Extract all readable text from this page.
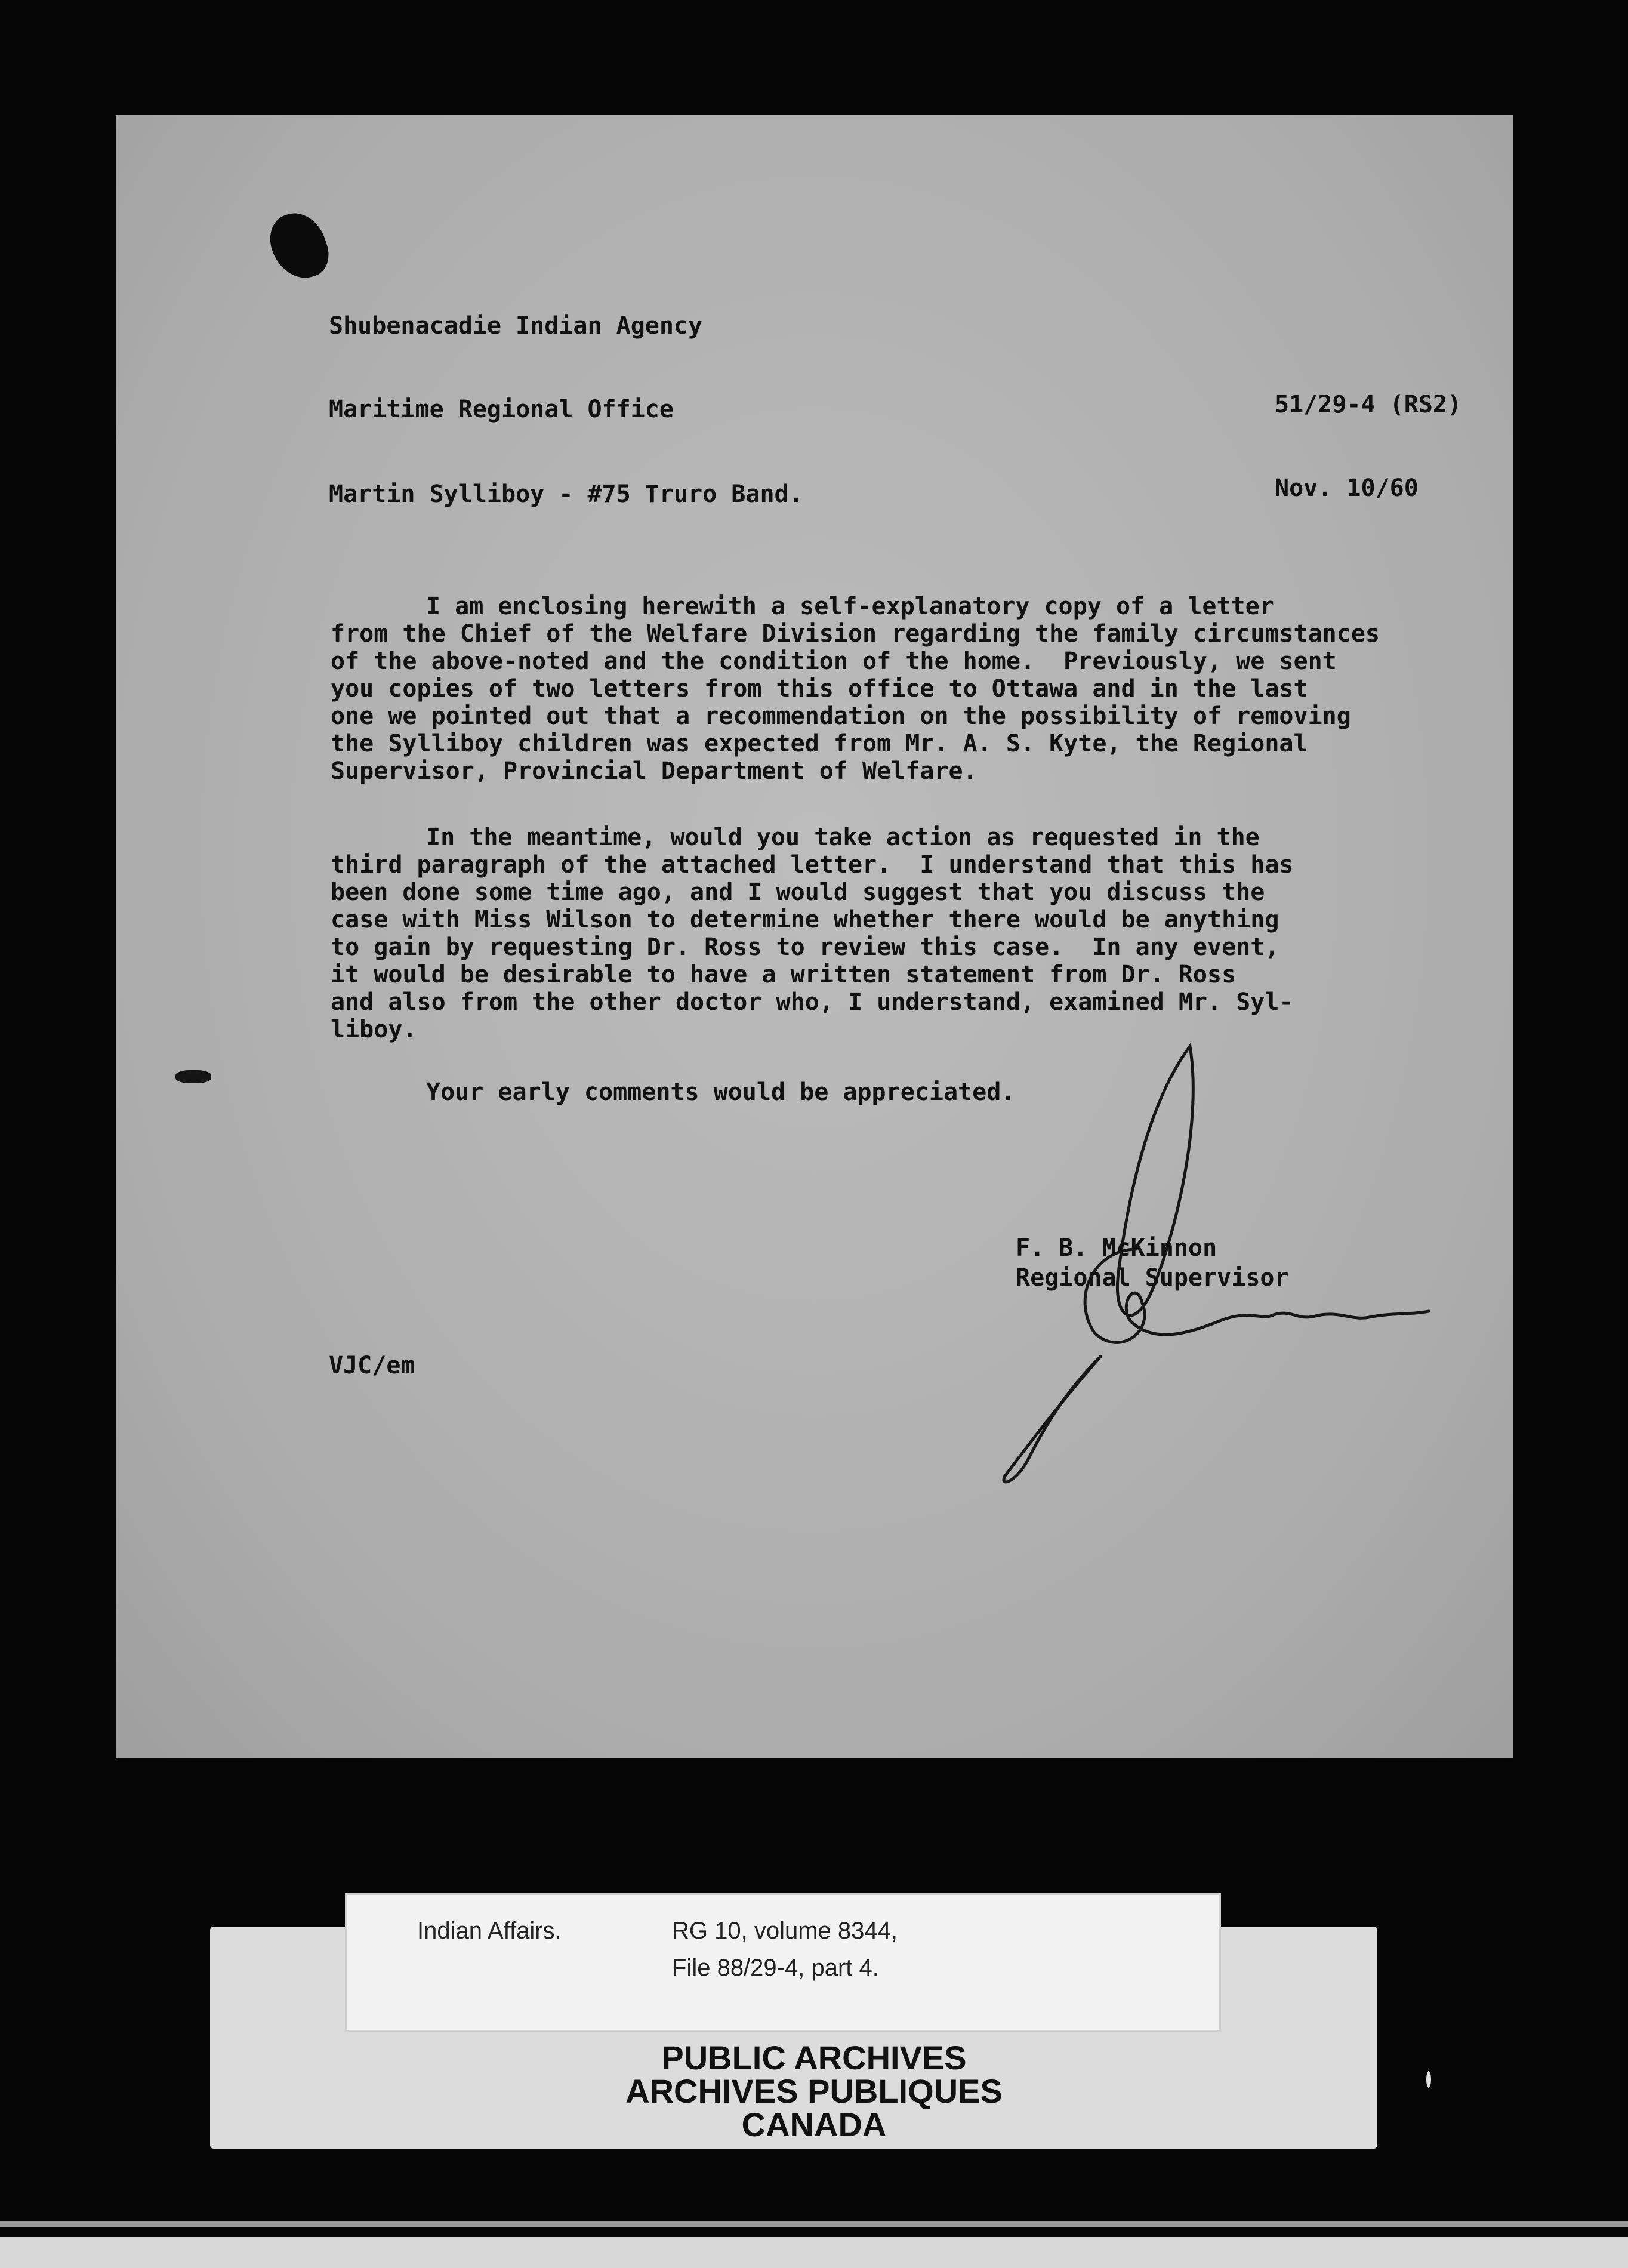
Shubenacadie Indian Agency
Maritime Regional Office	51/29-4 (RS2)
Martin Sylliboy - #75 Truro Band.	Nov. 10/60
I am enclosing herewith a self-explanatory copy of a letter
from the Chief of the Welfare Division regarding the family circumstances
of the above-noted and the condition of the home.  Previously, we sent
you copies of two letters from this office to Ottawa and in the last
one we pointed out that a recommendation on the possibility of removing
the Sylliboy children was expected from Mr. A. S. Kyte, the Regional
Supervisor, Provincial Department of Welfare.
In the meantime, would you take action as requested in the
third paragraph of the attached letter.  I understand that this has
been done some time ago, and I would suggest that you discuss the
case with Miss Wilson to determine whether there would be anything
to gain by requesting Dr. Ross to review this case.  In any event,
it would be desirable to have a written statement from Dr. Ross
and also from the other doctor who, I understand, examined Mr. Syl-
liboy.
Your early comments would be appreciated.
F. B. McKinnon
Regional Supervisor
VJC/em
Indian Affairs.	RG 10, volume 8344,
File 88/29-4, part 4.
PUBLIC ARCHIVES
ARCHIVES PUBLIQUES
CANADA
